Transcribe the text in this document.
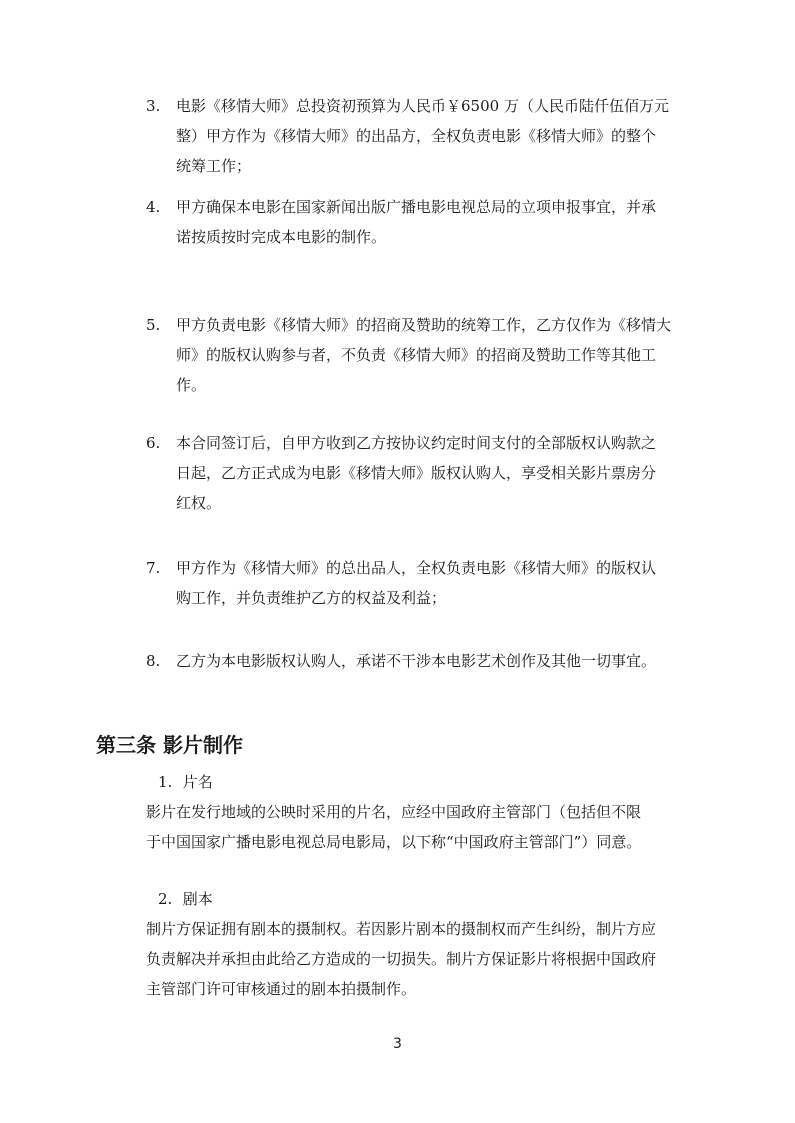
3.	电影《移情大师》总投资初预算为人民币￥6500 万（人民币陆仟伍佰万元
整）甲方作为《移情大师》的出品方，全权负责电影《移情大师》的整个
统筹工作；
4.	甲方确保本电影在国家新闻出版广播电影电视总局的立项申报事宜，并承
诺按质按时完成本电影的制作。
5.	甲方负责电影《移情大师》的招商及赞助的统筹工作，乙方仅作为《移情大
师》的版权认购参与者，不负责《移情大师》的招商及赞助工作等其他工
作。
6.	本合同签订后，自甲方收到乙方按协议约定时间支付的全部版权认购款之
日起，乙方正式成为电影《移情大师》版权认购人，享受相关影片票房分
红权。
7.	甲方作为《移情大师》的总出品人，全权负责电影《移情大师》的版权认
购工作，并负责维护乙方的权益及利益；
8.	乙方为本电影版权认购人，承诺不干涉本电影艺术创作及其他一切事宜。
第三条 影片制作
1. 片名
影片在发行地域的公映时采用的片名，应经中国政府主管部门（包括但不限
于中国国家广播电影电视总局电影局，以下称“中国政府主管部门”）同意。
2. 剧本
制片方保证拥有剧本的摄制权。若因影片剧本的摄制权而产生纠纷，制片方应
负责解决并承担由此给乙方造成的一切损失。制片方保证影片将根据中国政府
主管部门许可审核通过的剧本拍摄制作。
3
